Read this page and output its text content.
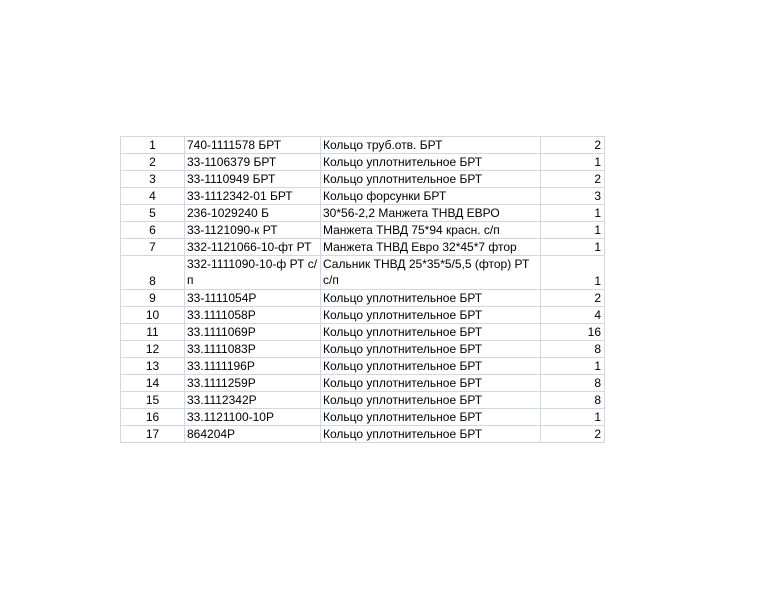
1	740-1111578 БРТ	Кольцо труб.отв. БРТ	2
2	33-1106379 БРТ	Кольцо уплотнительное БРТ	1
3	33-1110949 БРТ	Кольцо уплотнительное БРТ	2
4	33-1112342-01 БРТ	Кольцо форсунки БРТ	3
5	236-1029240 Б	30*56-2,2 Манжета ТНВД ЕВРО	1
6	33-1121090-к РТ	Манжета ТНВД 75*94 красн. с/п	1
7	332-1121066-10-фт РТ	Манжета ТНВД Евро 32*45*7 фтор	1
8	332-1111090-10-ф РТ с/п	Сальник ТНВД 25*35*5/5,5 (фтор) РТ с/п	1
9	33-1111054Р	Кольцо уплотнительное БРТ	2
10	33.1111058Р	Кольцо уплотнительное БРТ	4
11	33.1111069Р	Кольцо уплотнительное БРТ	16
12	33.1111083Р	Кольцо уплотнительное БРТ	8
13	33.1111196Р	Кольцо уплотнительное БРТ	1
14	33.1111259Р	Кольцо уплотнительное БРТ	8
15	33.1112342Р	Кольцо уплотнительное БРТ	8
16	33.1121100-10Р	Кольцо уплотнительное БРТ	1
17	864204Р	Кольцо уплотнительное БРТ	2
